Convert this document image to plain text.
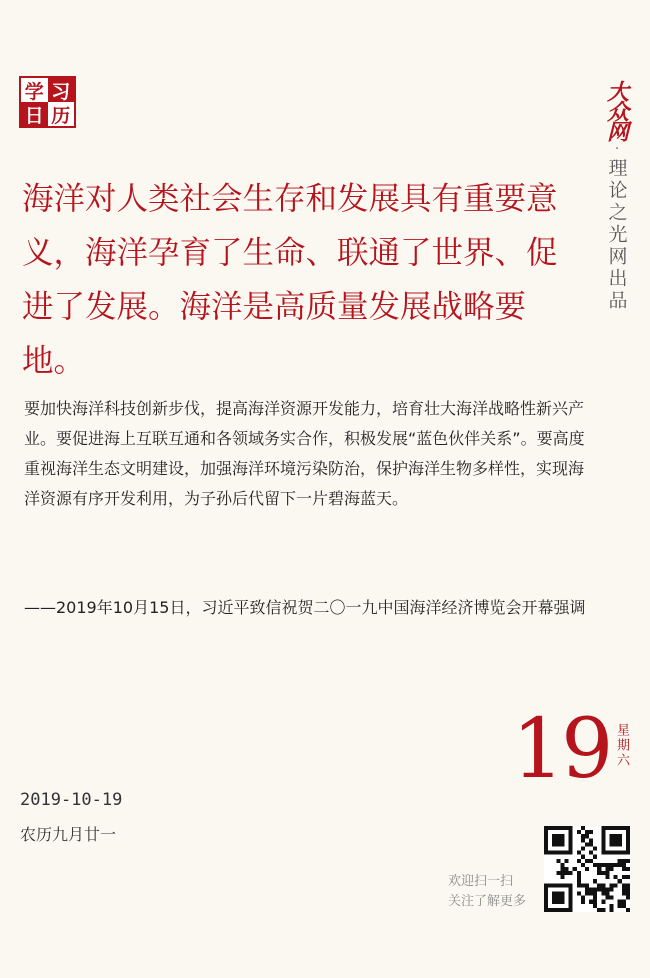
学 习
日 历	大众网
·
理论之光网出品
海洋对人类社会生存和发展具有重要意义，海洋孕育了生命、联通了世界、促进了发展。海洋是高质量发展战略要地。

要加快海洋科技创新步伐，提高海洋资源开发能力，培育壮大海洋战略性新兴产业。要促进海上互联互通和各领域务实合作，积极发展“蓝色伙伴关系”。要高度重视海洋生态文明建设，加强海洋环境污染防治，保护海洋生物多样性，实现海洋资源有序开发利用，为子孙后代留下一片碧海蓝天。

——2019年10月15日，习近平致信祝贺二〇一九中国海洋经济博览会开幕强调

19 星期六
2019-10-19
农历九月廿一
欢迎扫一扫
关注了解更多
